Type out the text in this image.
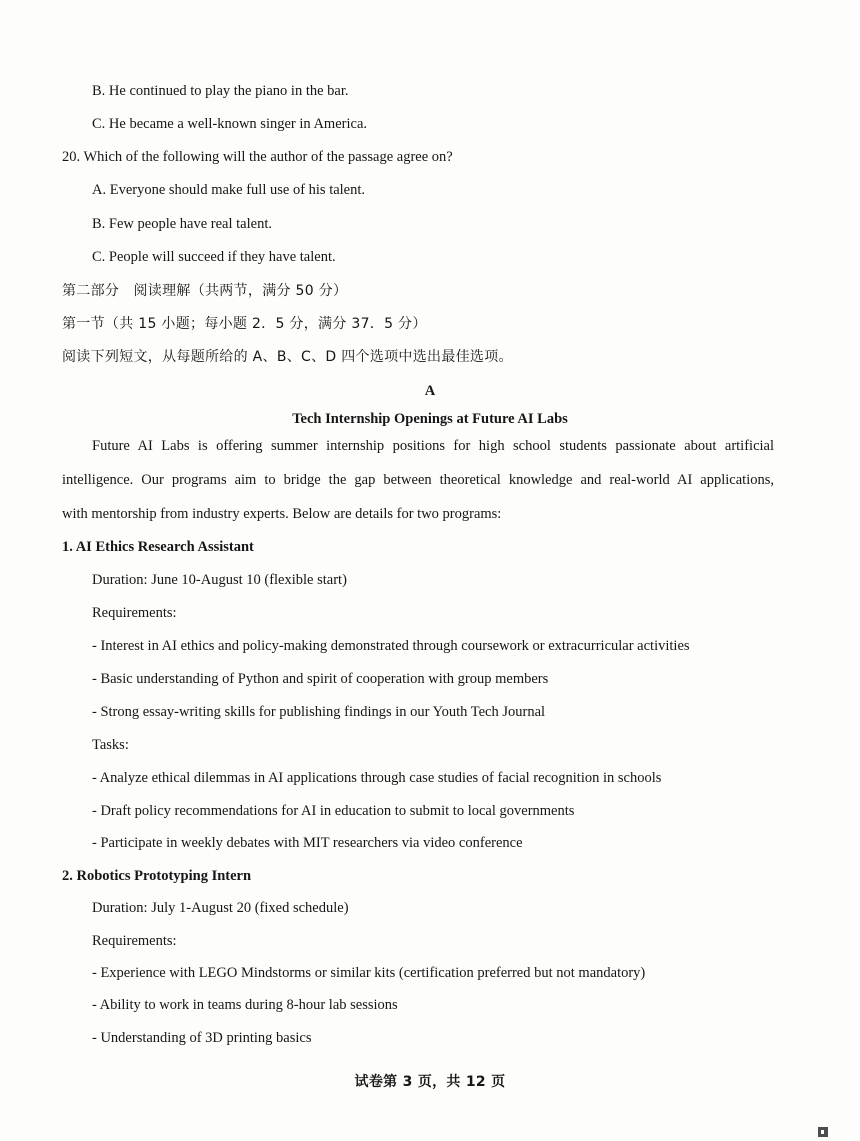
B. He continued to play the piano in the bar.
C. He became a well-known singer in America.
20. Which of the following will the author of the passage agree on?
A. Everyone should make full use of his talent.
B. Few people have real talent.
C. People will succeed if they have talent.
第二部分　阅读理解（共两节，满分 50 分）
第一节（共 15 小题；每小题 2．5 分，满分 37．5 分）
阅读下列短文，从每题所给的 A、B、C、D 四个选项中选出最佳选项。
A
Tech Internship Openings at Future AI Labs
Future AI Labs is offering summer internship positions for high school students passionate about artificial
intelligence. Our programs aim to bridge the gap between theoretical knowledge and real-world AI applications,
with mentorship from industry experts. Below are details for two programs:
1. AI Ethics Research Assistant
Duration: June 10-August 10 (flexible start)
Requirements:
- Interest in AI ethics and policy-making demonstrated through coursework or extracurricular activities
- Basic understanding of Python and spirit of cooperation with group members
- Strong essay-writing skills for publishing findings in our Youth Tech Journal
Tasks:
- Analyze ethical dilemmas in AI applications through case studies of facial recognition in schools
- Draft policy recommendations for AI in education to submit to local governments
- Participate in weekly debates with MIT researchers via video conference
2. Robotics Prototyping Intern
Duration: July 1-August 20 (fixed schedule)
Requirements:
- Experience with LEGO Mindstorms or similar kits (certification preferred but not mandatory)
- Ability to work in teams during 8-hour lab sessions
- Understanding of 3D printing basics
试卷第 3 页，共 12 页
